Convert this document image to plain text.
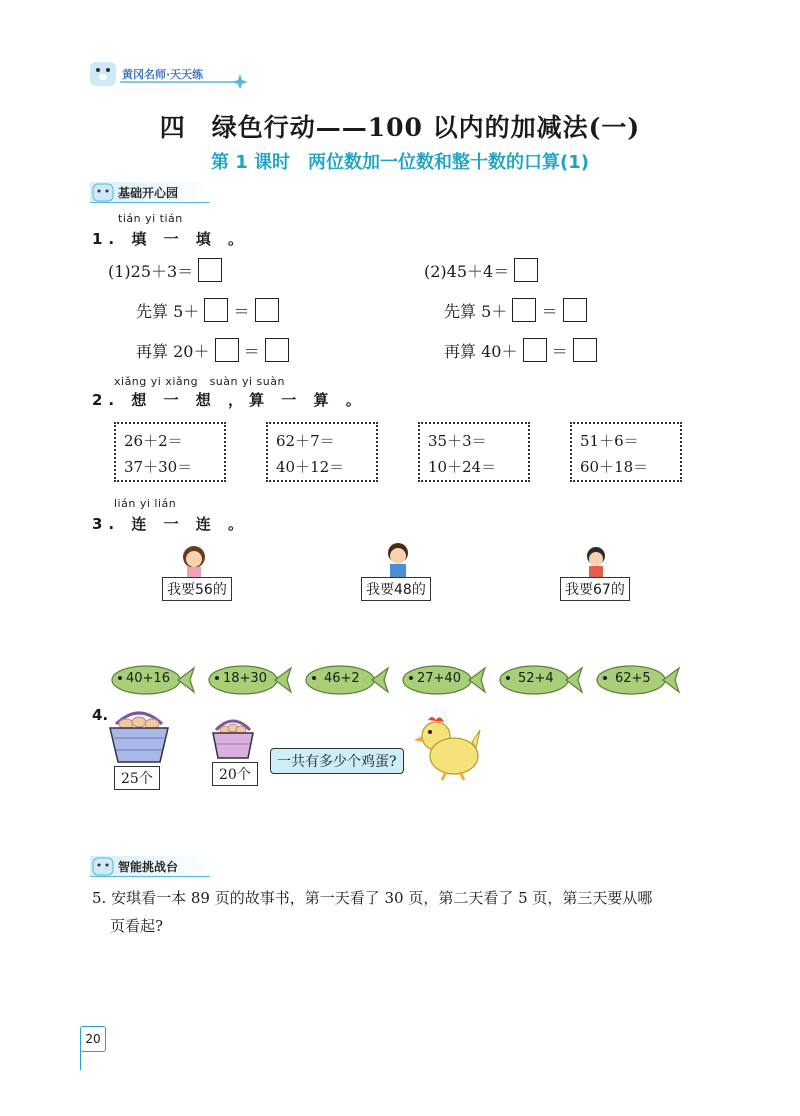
黄冈名师·天天练
四　绿色行动——100 以内的加减法(一)
第 1 课时　两位数加一位数和整十数的口算(1)
基础开心园
tián yi tián
1. 填 一 填 。
(1)25＋3＝
先算 5＋ ＝
再算 20＋ ＝
(2)45＋4＝
先算 5＋ ＝
再算 40＋ ＝
xiǎng yi xiǎng　suàn yi suàn
2. 想 一 想 ，算 一 算 。
26＋2＝
37＋30＝
62＋7＝
40＋12＝
35＋3＝
10＋24＝
51＋6＝
60＋18＝
lián yi lián
3. 连 一 连 。
我要56的	我要48的	我要67的
40+16	18+30	46+2	27+40	52+4	62+5
4.
25个	20个
一共有多少个鸡蛋?
智能挑战台
5. 安琪看一本 89 页的故事书，第一天看了 30 页，第二天看了 5 页，第三天要从哪
页看起?
20
